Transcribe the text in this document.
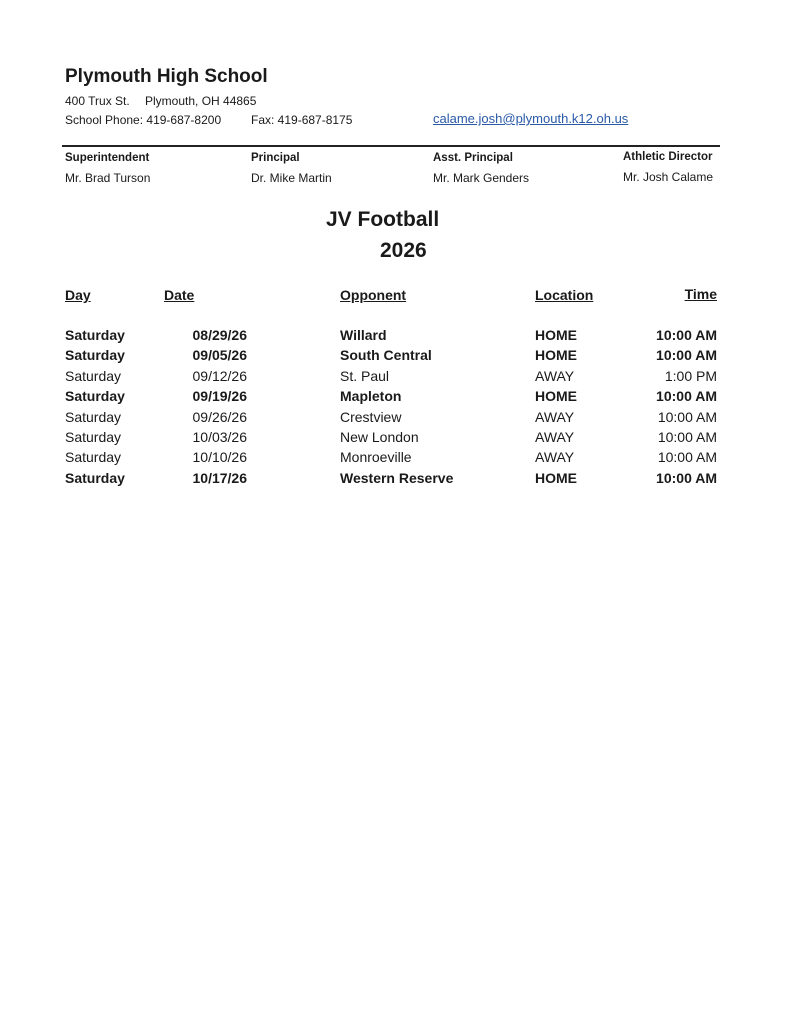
Plymouth High School
400 Trux St. Plymouth, OH 44865
School Phone: 419-687-8200 Fax: 419-687-8175	calame.josh@plymouth.k12.oh.us
Superintendent
Mr. Brad Turson
Principal
Dr. Mike Martin
Asst. Principal
Mr. Mark Genders
Athletic Director
Mr. Josh Calame
JV Football
2026
Day	Date	Opponent	Location	Time
Saturday	08/29/26	Willard	HOME	10:00 AM
Saturday	09/05/26	South Central	HOME	10:00 AM
Saturday	09/12/26	St. Paul	AWAY	1:00 PM
Saturday	09/19/26	Mapleton	HOME	10:00 AM
Saturday	09/26/26	Crestview	AWAY	10:00 AM
Saturday	10/03/26	New London	AWAY	10:00 AM
Saturday	10/10/26	Monroeville	AWAY	10:00 AM
Saturday	10/17/26	Western Reserve	HOME	10:00 AM
